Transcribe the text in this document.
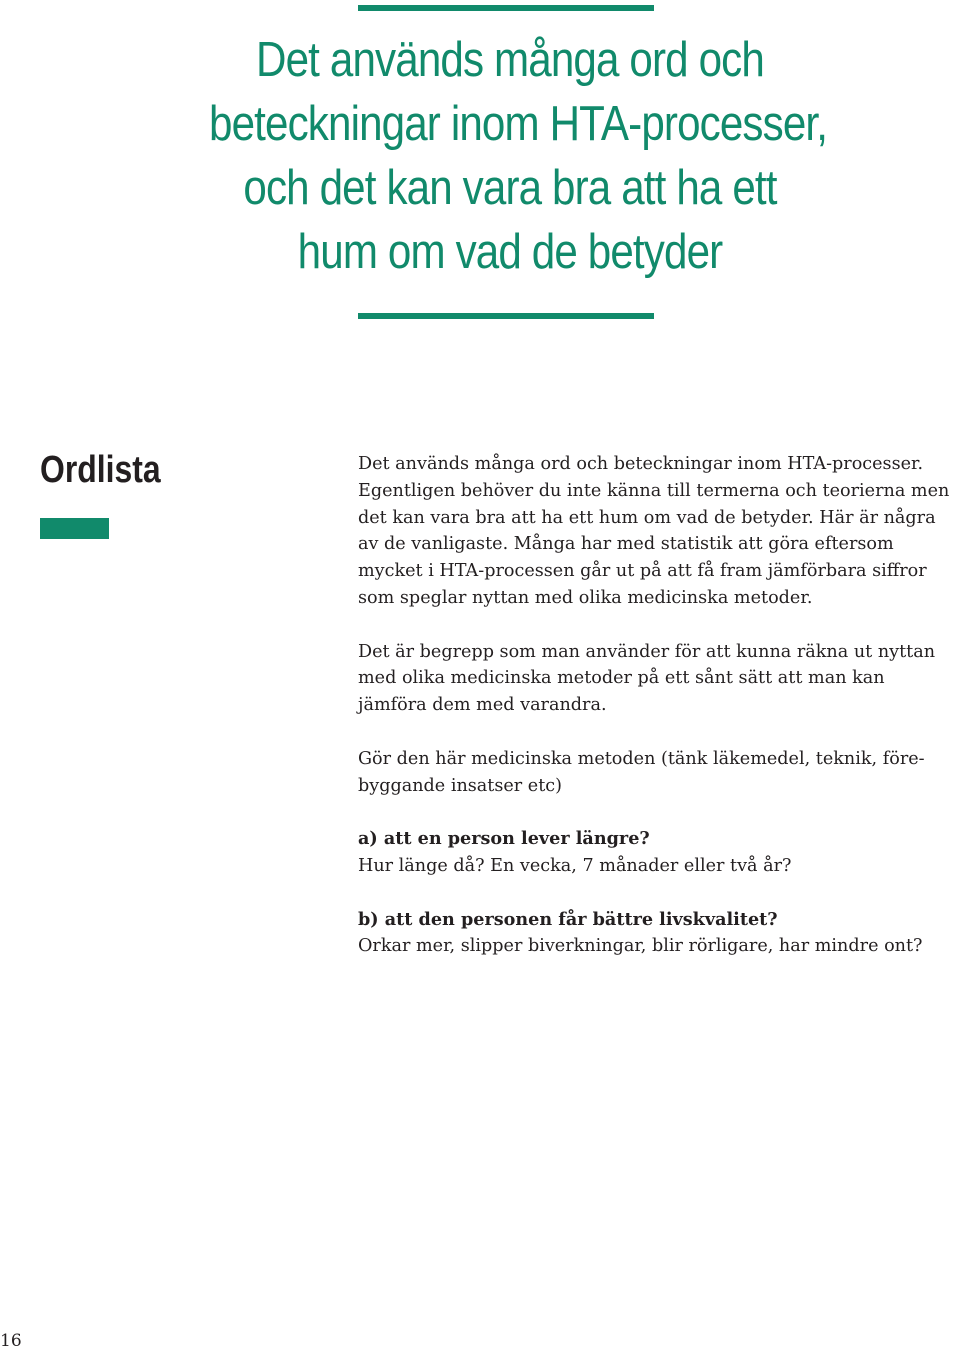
Det används många ord och
beteckningar inom HTA-processer,
och det kan vara bra att ha ett
hum om vad de betyder
Ordlista	Det används många ord och beteckningar inom HTA-processer.
Egentligen behöver du inte känna till termerna och teorierna men
det kan vara bra att ha ett hum om vad de betyder. Här är några
av de vanligaste. Många har med statistik att göra eftersom
mycket i HTA-processen går ut på att få fram jämförbara siffror
som speglar nyttan med olika medicinska metoder.

Det är begrepp som man använder för att kunna räkna ut nyttan
med olika medicinska metoder på ett sånt sätt att man kan
jämföra dem med varandra.

Gör den här medicinska metoden (tänk läkemedel, teknik, före-
byggande insatser etc)

a) att en person lever längre?
Hur länge då? En vecka, 7 månader eller två år?

b) att den personen får bättre livskvalitet?
Orkar mer, slipper biverkningar, blir rörligare, har mindre ont?

16
